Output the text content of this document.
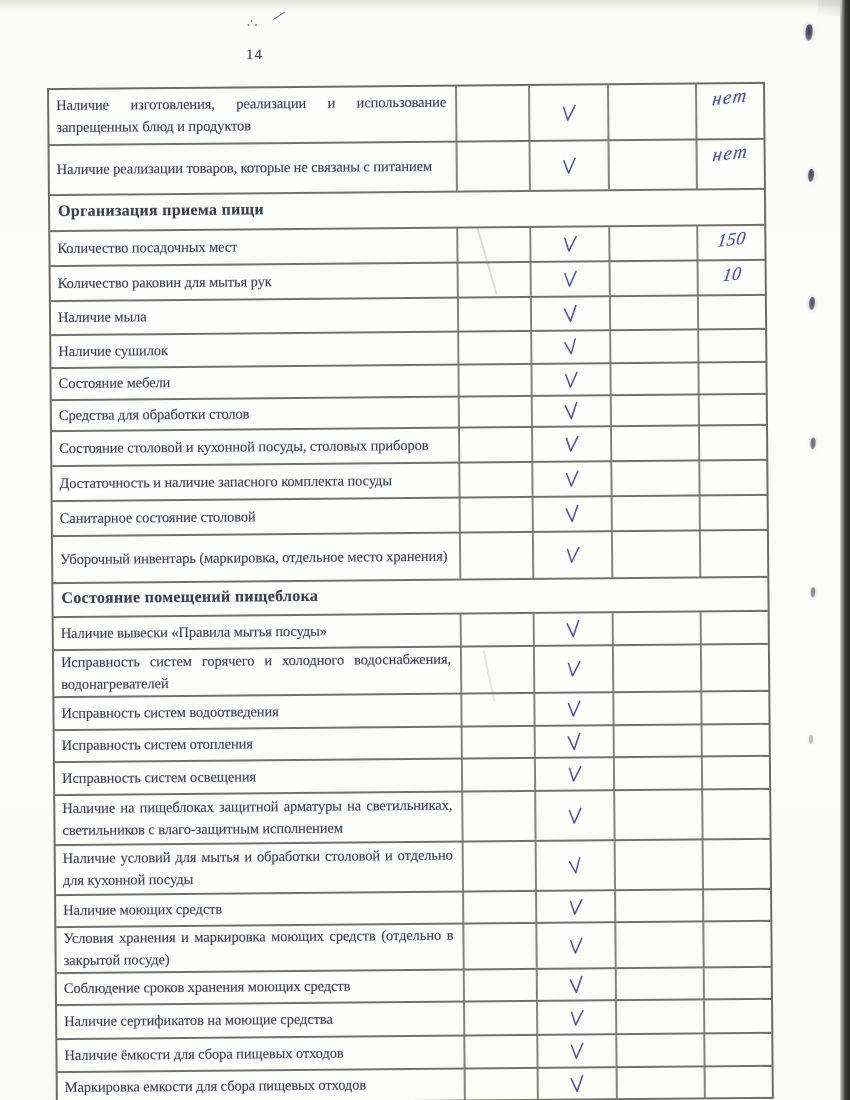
:· ∕
14
Наличие изготовления, реализации и использование запрещенных блюд и продуктов
нет
Наличие реализации товаров, которые не связаны с питанием
нет
Организация приема пищи
Количество посадочных мест	150
Количество раковин для мытья рук	10
Наличие мыла
Наличие сушилок
Состояние мебели
Средства для обработки столов
Состояние столовой и кухонной посуды, столовых приборов
Достаточность и наличие запасного комплекта посуды
Санитарное состояние столовой
Уборочный инвентарь (маркировка, отдельное место хранения)
Состояние помещений пищеблока
Наличие вывески «Правила мытья посуды»
Исправность систем горячего и холодного водоснабжения, водонагревателей
Исправность систем водоотведения
Исправность систем отопления
Исправность систем освещения
Наличие на пищеблоках защитной арматуры на светильниках, светильников с влаго-защитным исполнением
Наличие условий для мытья и обработки столовой и отдельно для кухонной посуды
Наличие моющих средств
Условия хранения и маркировка моющих средств (отдельно в закрытой посуде)
Соблюдение сроков хранения моющих средств
Наличие сертификатов на моющие средства
Наличие ёмкости для сбора пищевых отходов
Маркировка емкости для сбора пищевых отходов
